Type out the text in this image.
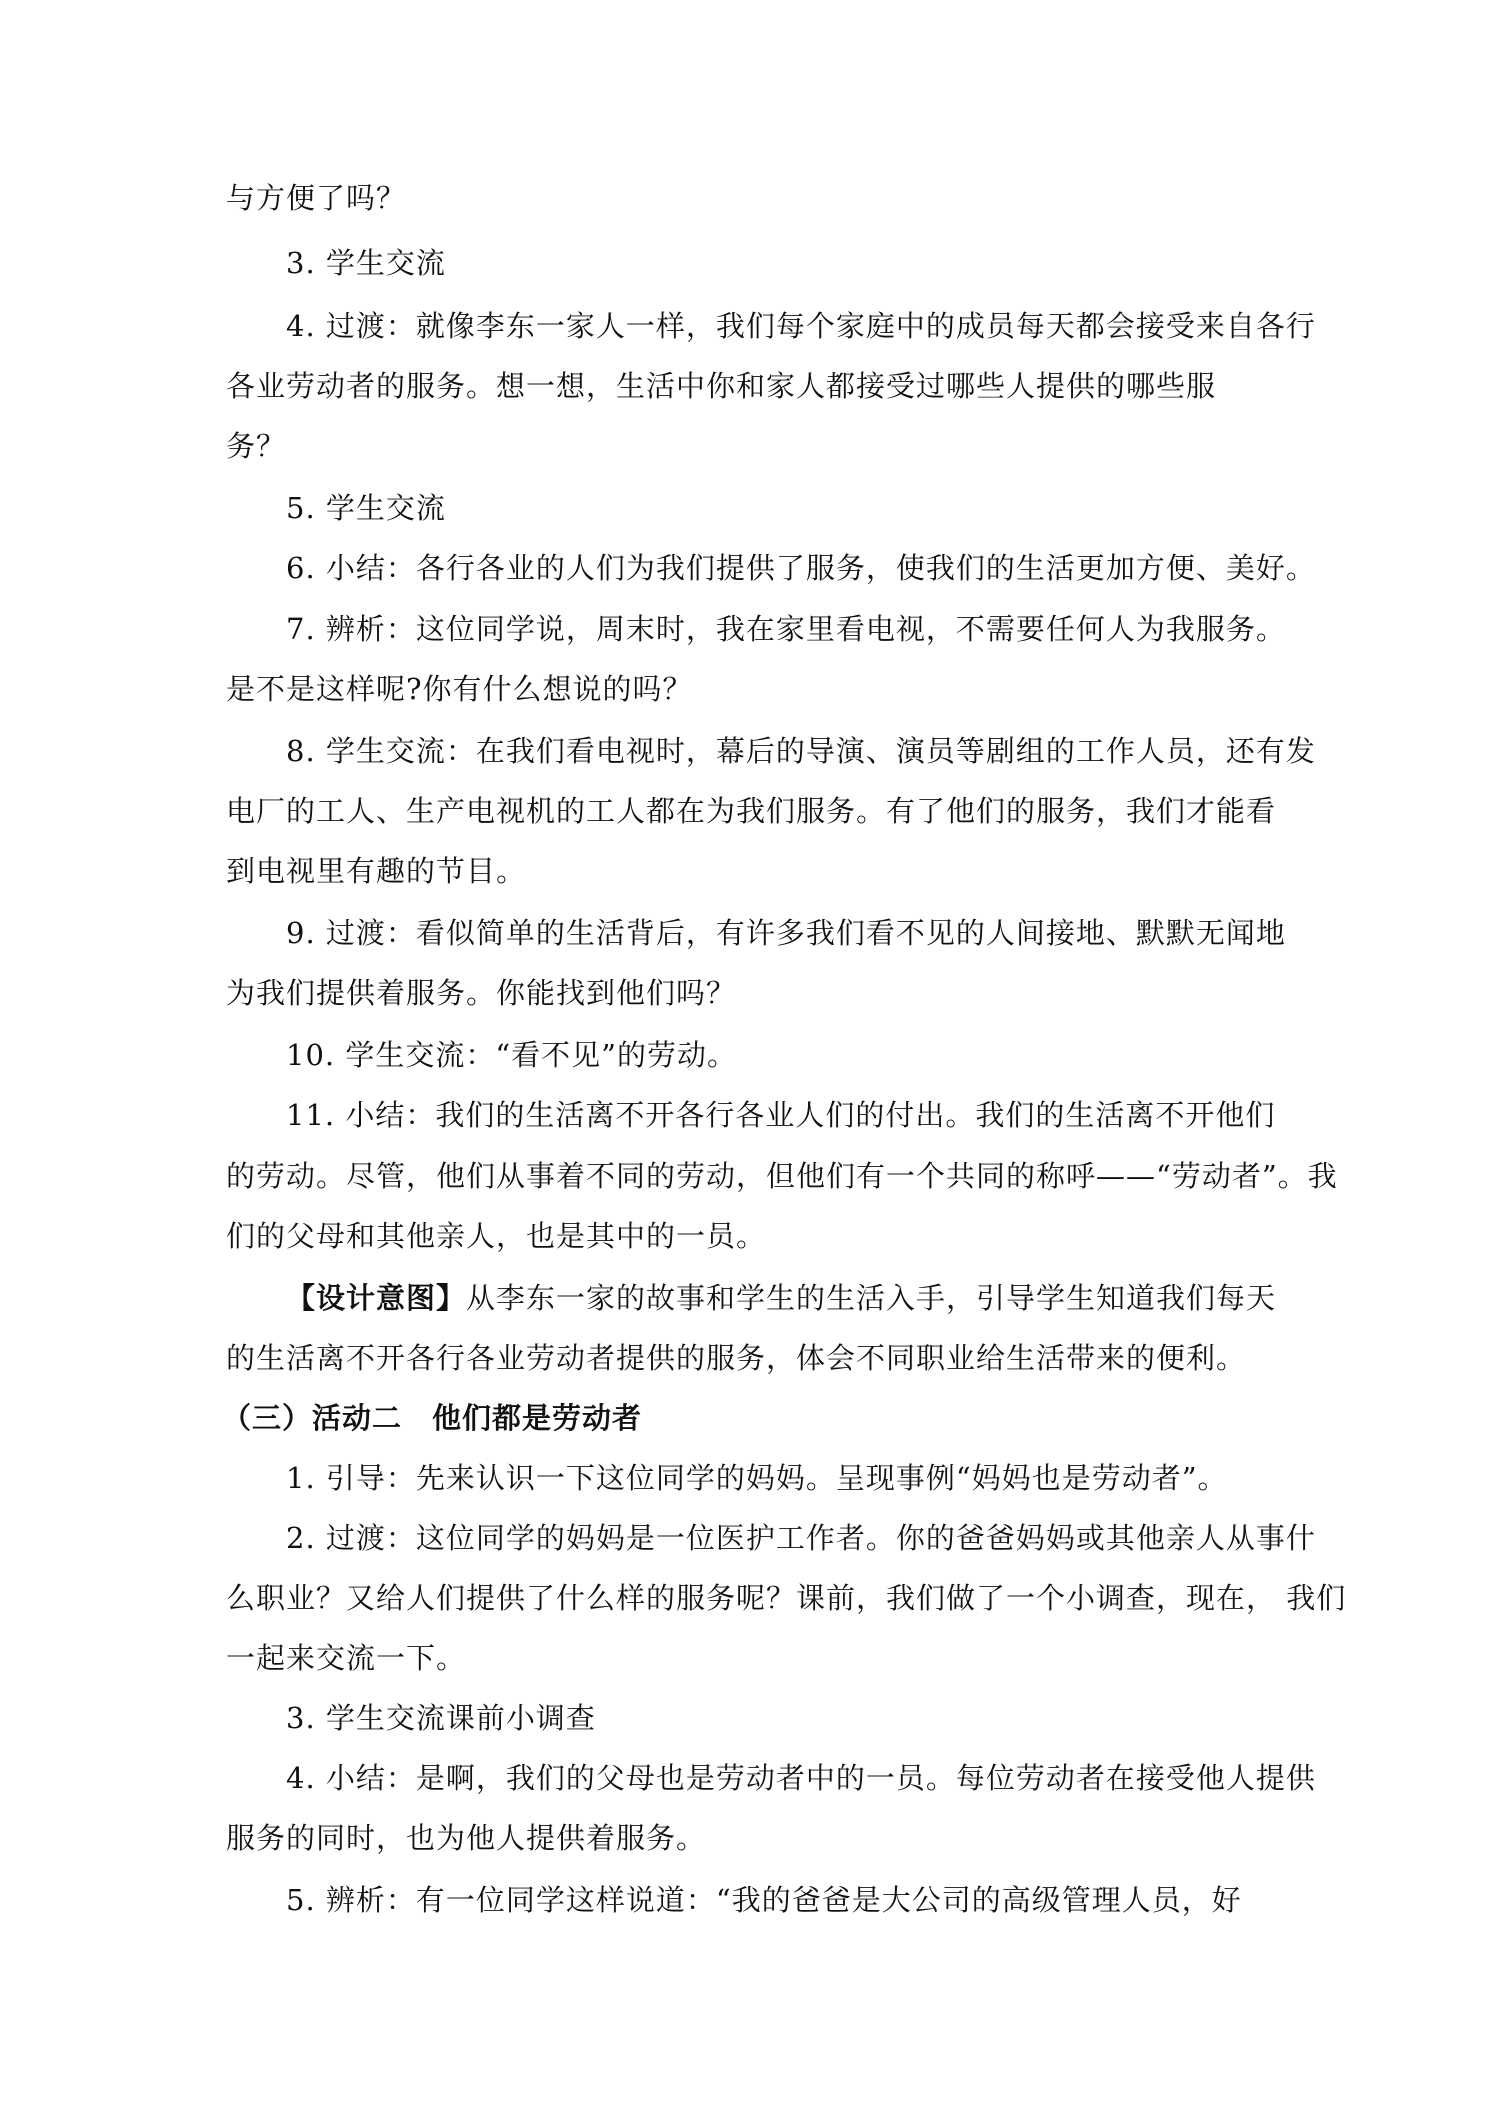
与方便了吗？
3. 学生交流
4. 过渡：就像李东一家人一样，我们每个家庭中的成员每天都会接受来自各行
各业劳动者的服务。想一想，生活中你和家人都接受过哪些人提供的哪些服
务？
5. 学生交流
6. 小结：各行各业的人们为我们提供了服务，使我们的生活更加方便、美好。
7. 辨析：这位同学说，周末时，我在家里看电视，不需要任何人为我服务。
是不是这样呢?你有什么想说的吗？
8. 学生交流：在我们看电视时，幕后的导演、演员等剧组的工作人员，还有发
电厂的工人、生产电视机的工人都在为我们服务。有了他们的服务，我们才能看
到电视里有趣的节目。
9. 过渡：看似简单的生活背后，有许多我们看不见的人间接地、默默无闻地
为我们提供着服务。你能找到他们吗？
10. 学生交流：“看不见”的劳动。
11. 小结：我们的生活离不开各行各业人们的付出。我们的生活离不开他们
的劳动。尽管，他们从事着不同的劳动，但他们有一个共同的称呼——“劳动者”。我
们的父母和其他亲人，也是其中的一员。
【设计意图】从李东一家的故事和学生的生活入手，引导学生知道我们每天
的生活离不开各行各业劳动者提供的服务，体会不同职业给生活带来的便利。
（三）活动二　他们都是劳动者
1. 引导：先来认识一下这位同学的妈妈。呈现事例“妈妈也是劳动者”。
2. 过渡：这位同学的妈妈是一位医护工作者。你的爸爸妈妈或其他亲人从事什
么职业？又给人们提供了什么样的服务呢？课前，我们做了一个小调查，现在， 我们
一起来交流一下。
3. 学生交流课前小调查
4. 小结：是啊，我们的父母也是劳动者中的一员。每位劳动者在接受他人提供
服务的同时，也为他人提供着服务。
5. 辨析：有一位同学这样说道：“我的爸爸是大公司的高级管理人员，好
